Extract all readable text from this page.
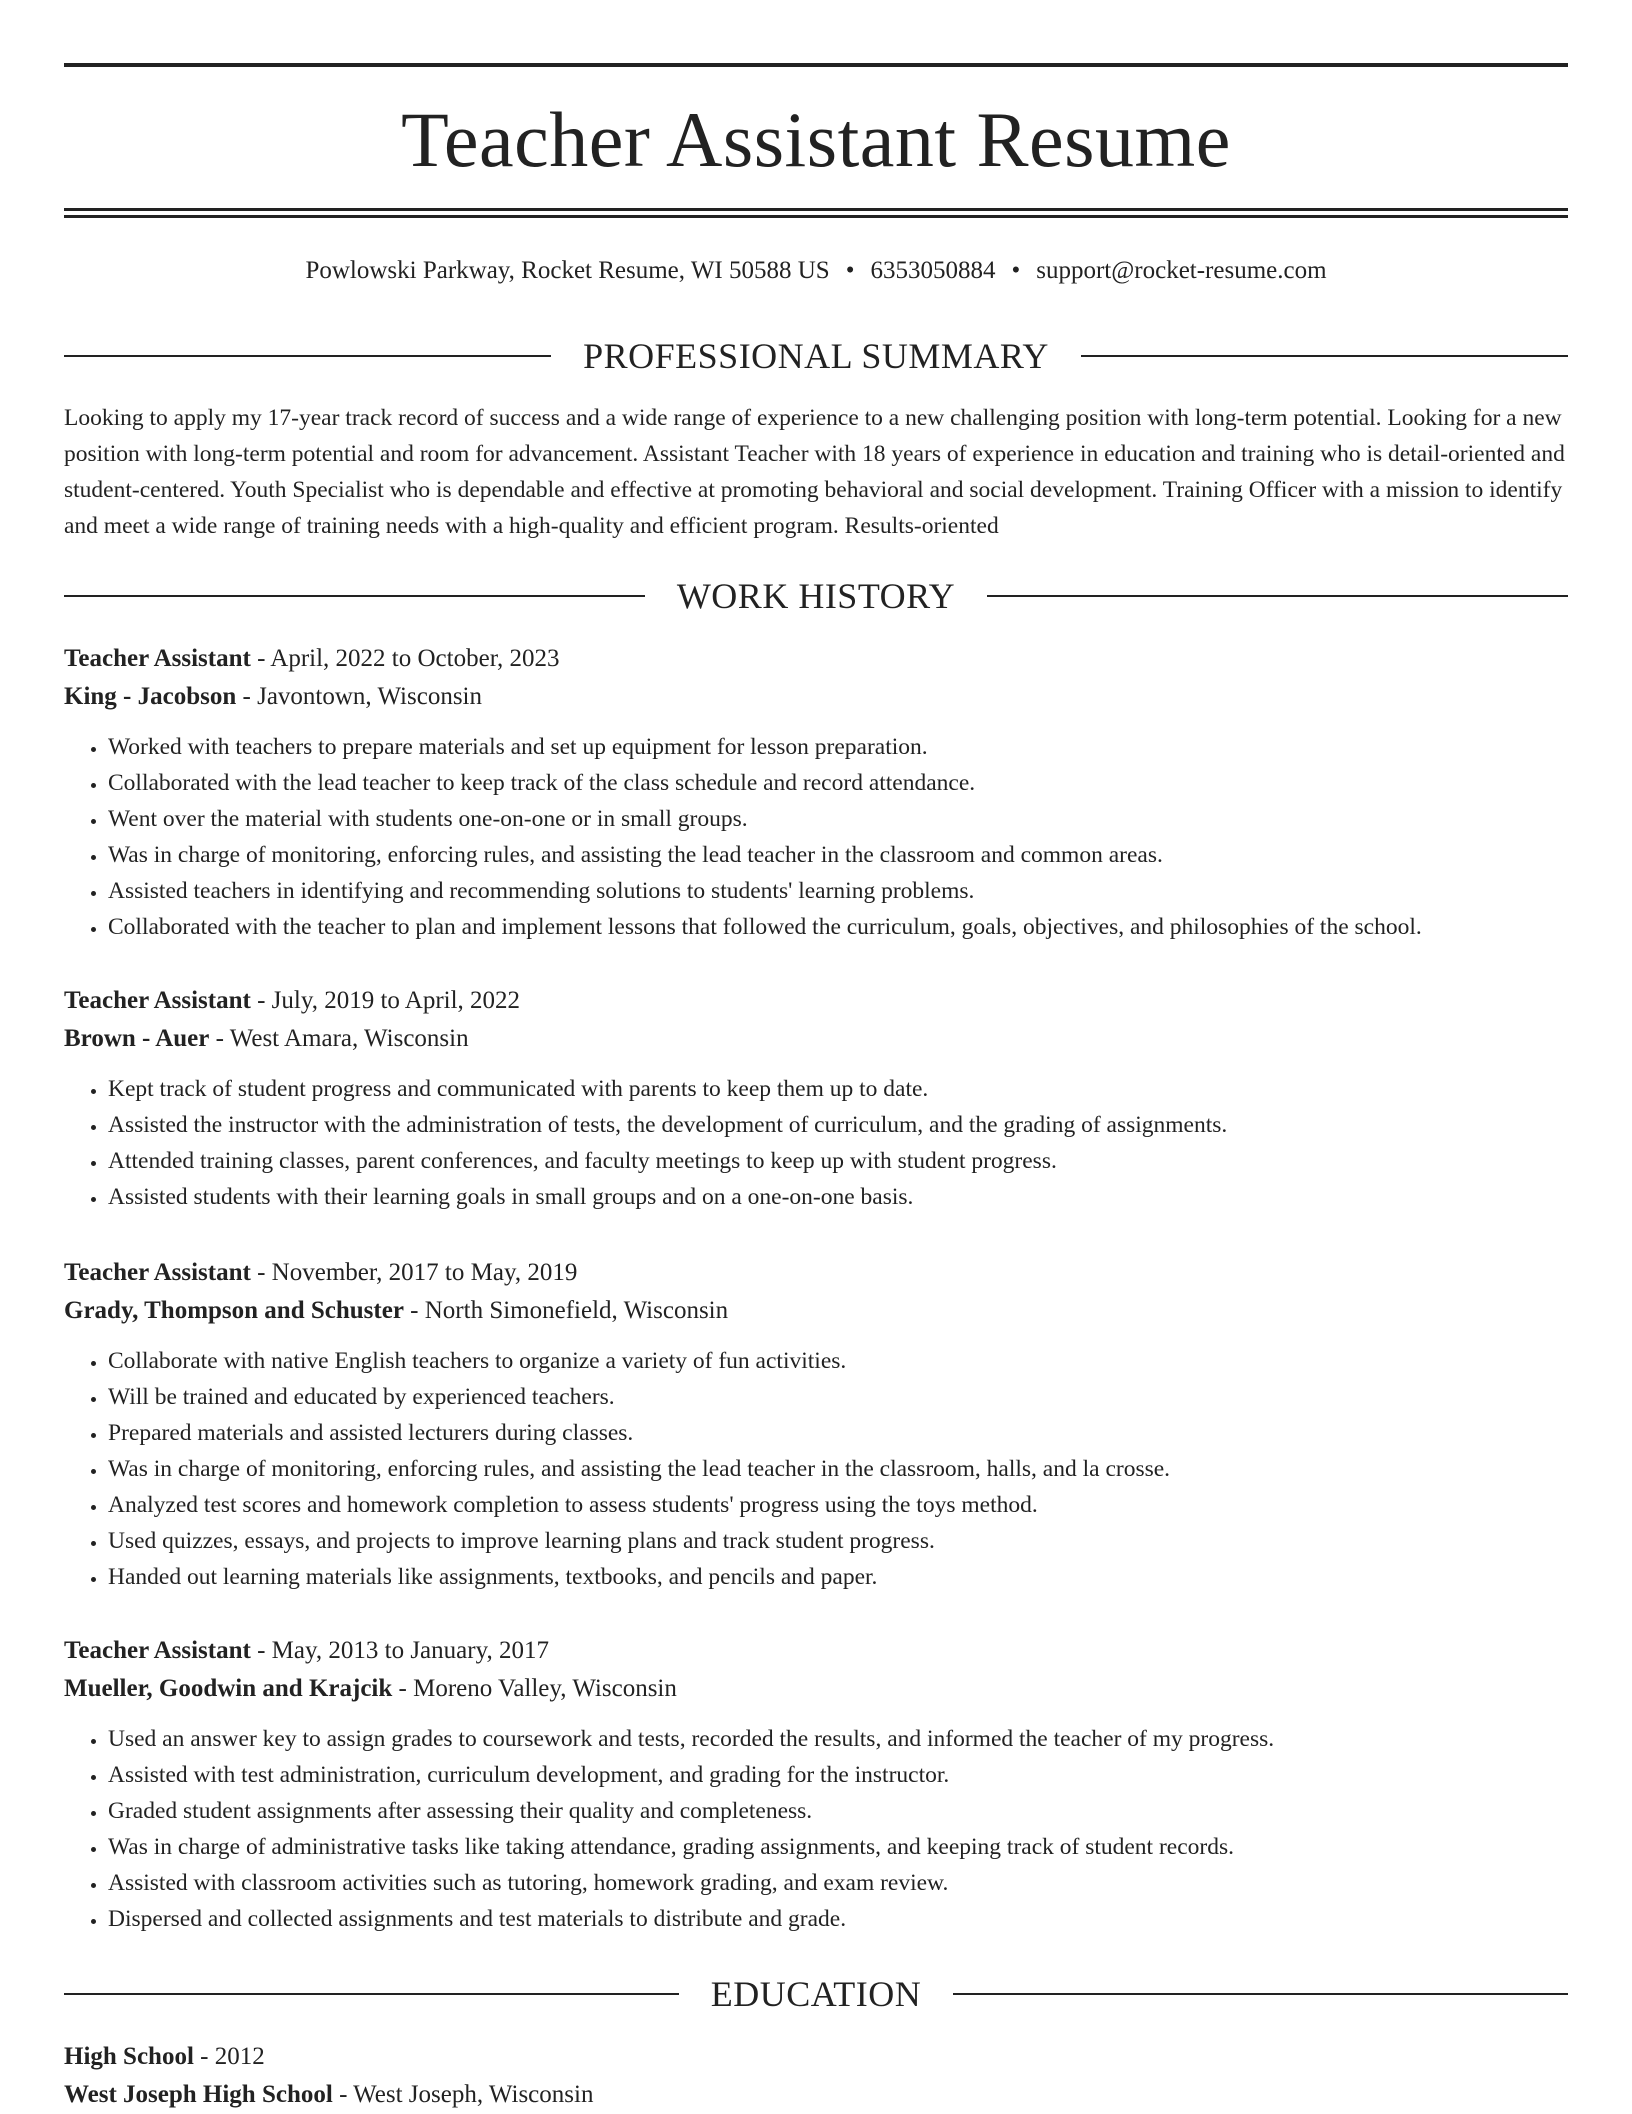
Teacher Assistant Resume
Powlowski Parkway, Rocket Resume, WI 50588 US • 6353050884 • support@rocket-resume.com
PROFESSIONAL SUMMARY
Looking to apply my 17-year track record of success and a wide range of experience to a new challenging position with long-term potential. Looking for a new position with long-term potential and room for advancement. Assistant Teacher with 18 years of experience in education and training who is detail-oriented and student-centered. Youth Specialist who is dependable and effective at promoting behavioral and social development. Training Officer with a mission to identify and meet a wide range of training needs with a high-quality and efficient program. Results-oriented
WORK HISTORY
Teacher Assistant - April, 2022 to October, 2023
King - Jacobson - Javontown, Wisconsin
• Worked with teachers to prepare materials and set up equipment for lesson preparation.
• Collaborated with the lead teacher to keep track of the class schedule and record attendance.
• Went over the material with students one-on-one or in small groups.
• Was in charge of monitoring, enforcing rules, and assisting the lead teacher in the classroom and common areas.
• Assisted teachers in identifying and recommending solutions to students' learning problems.
• Collaborated with the teacher to plan and implement lessons that followed the curriculum, goals, objectives, and philosophies of the school.
Teacher Assistant - July, 2019 to April, 2022
Brown - Auer - West Amara, Wisconsin
• Kept track of student progress and communicated with parents to keep them up to date.
• Assisted the instructor with the administration of tests, the development of curriculum, and the grading of assignments.
• Attended training classes, parent conferences, and faculty meetings to keep up with student progress.
• Assisted students with their learning goals in small groups and on a one-on-one basis.
Teacher Assistant - November, 2017 to May, 2019
Grady, Thompson and Schuster - North Simonefield, Wisconsin
• Collaborate with native English teachers to organize a variety of fun activities.
• Will be trained and educated by experienced teachers.
• Prepared materials and assisted lecturers during classes.
• Was in charge of monitoring, enforcing rules, and assisting the lead teacher in the classroom, halls, and la crosse.
• Analyzed test scores and homework completion to assess students' progress using the toys method.
• Used quizzes, essays, and projects to improve learning plans and track student progress.
• Handed out learning materials like assignments, textbooks, and pencils and paper.
Teacher Assistant - May, 2013 to January, 2017
Mueller, Goodwin and Krajcik - Moreno Valley, Wisconsin
• Used an answer key to assign grades to coursework and tests, recorded the results, and informed the teacher of my progress.
• Assisted with test administration, curriculum development, and grading for the instructor.
• Graded student assignments after assessing their quality and completeness.
• Was in charge of administrative tasks like taking attendance, grading assignments, and keeping track of student records.
• Assisted with classroom activities such as tutoring, homework grading, and exam review.
• Dispersed and collected assignments and test materials to distribute and grade.
EDUCATION
High School - 2012
West Joseph High School - West Joseph, Wisconsin
